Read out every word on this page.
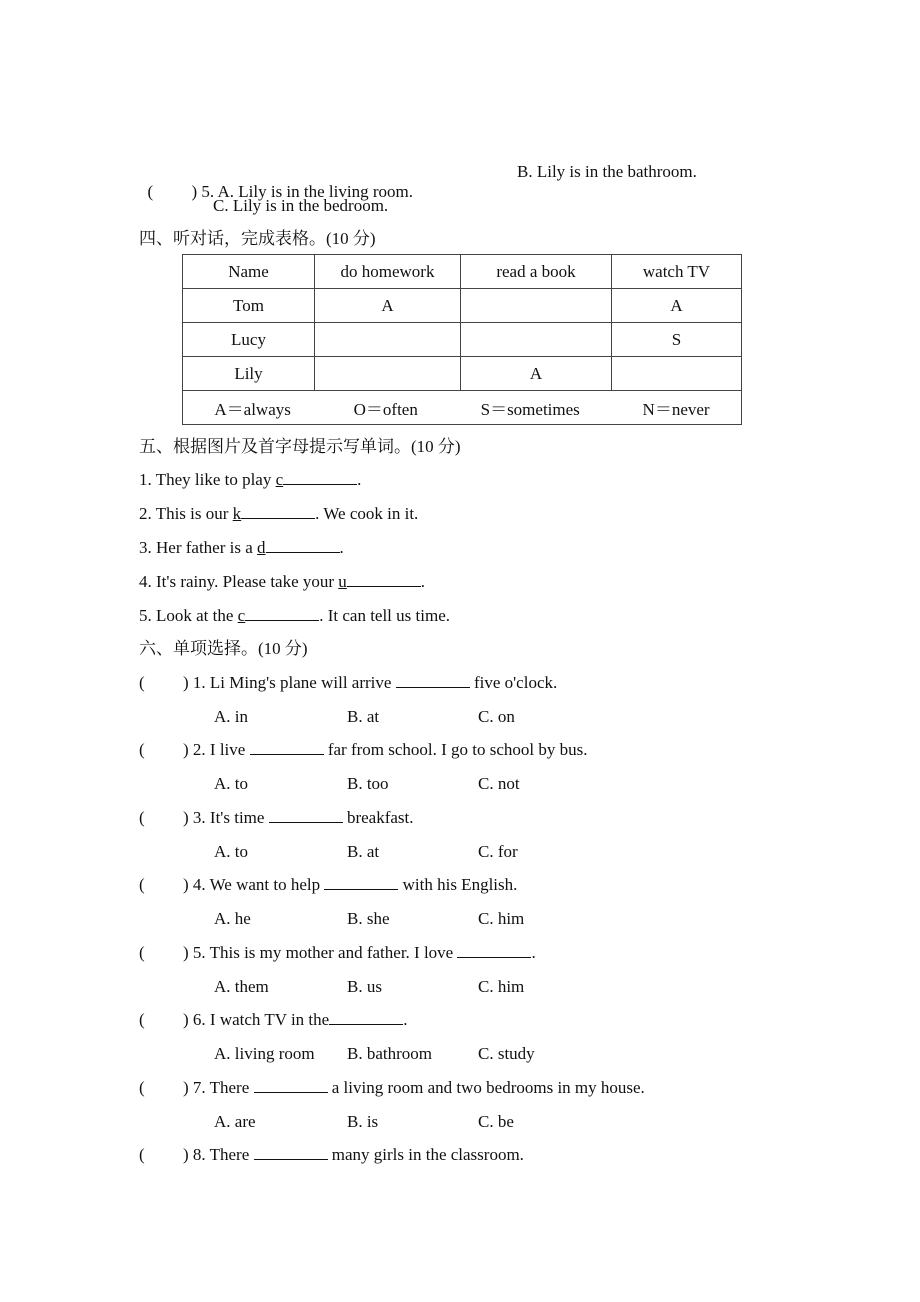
( ) 5. A. Lily is in the living room.

B. Lily is in the bathroom.
C. Lily is in the bedroom.
四、听对话，完成表格。(10 分)
Name	do homework	read a book	watch TV
Tom	A		A
Lucy			S
Lily		A	

A＝always O＝often S＝sometimes N＝never			
五、根据图片及首字母提示写单词。(10 分)
1. They like to play c	.
2. This is our k	. We cook in it.
3. Her father is a d	.
4. It's rainy. Please take your u	.
5. Look at the c	. It can tell us time.
六、单项选择。(10 分)
( ) 1. Li Ming's plane will arrive	five o'clock.
A. in	B. at	C. on
( ) 2. I live	far from school. I go to school by bus.
A. to	B. too	C. not
( ) 3. It's time	breakfast.
A. to	B. at	C. for
( ) 4. We want to help	with his English.
A. he	B. she	C. him
( ) 5. This is my mother and father. I love	.
A. them	B. us	C. him
( ) 6. I watch TV in the	.
A. living room B. bathroom	C. study
( ) 7. There	a living room and two bedrooms in my house.
A. are	B. is	C. be
( ) 8. There	many girls in the classroom.
